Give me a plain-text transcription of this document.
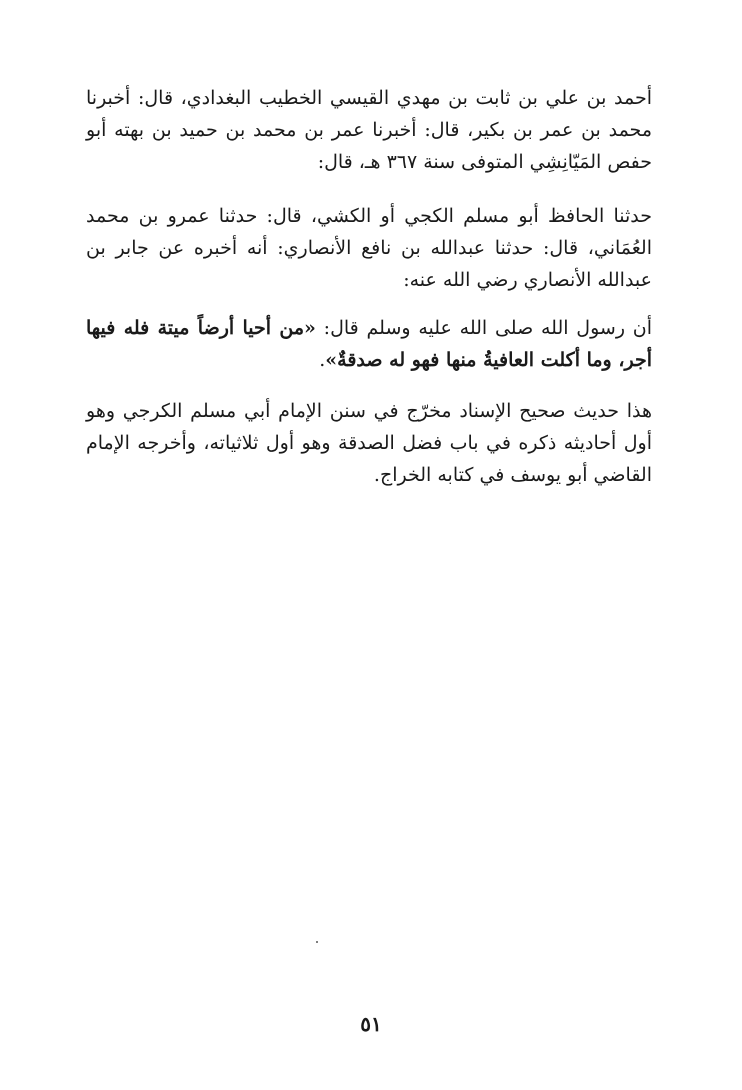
أحمد بن علي بن ثابت بن مهدي القيسي الخطيب البغدادي، قال: أخبرنا محمد بن عمر بن بكير، قال: أخبرنا عمر بن محمد بن حميد بن بهته أبو حفص المَيّانِشِي المتوفى سنة ٣٦٧ هـ، قال:

حدثنا الحافظ أبو مسلم الكجي أو الكشي، قال: حدثنا عمرو بن محمد العُمَاني، قال: حدثنا عبدالله بن نافع الأنصاري: أنه أخبره عن جابر بن عبدالله الأنصاري رضي الله عنه:

أن رسول الله صلى الله عليه وسلم قال: «من أحيا أرضاً ميتة فله فيها أجر، وما أكلت العافيةُ منها فهو له صدقةٌ».

هذا حديث صحيح الإسناد مخرّج في سنن الإمام أبي مسلم الكرجي وهو أول أحاديثه ذكره في باب فضل الصدقة وهو أول ثلاثياته، وأخرجه الإمام القاضي أبو يوسف في كتابه الخراج.

٥١
